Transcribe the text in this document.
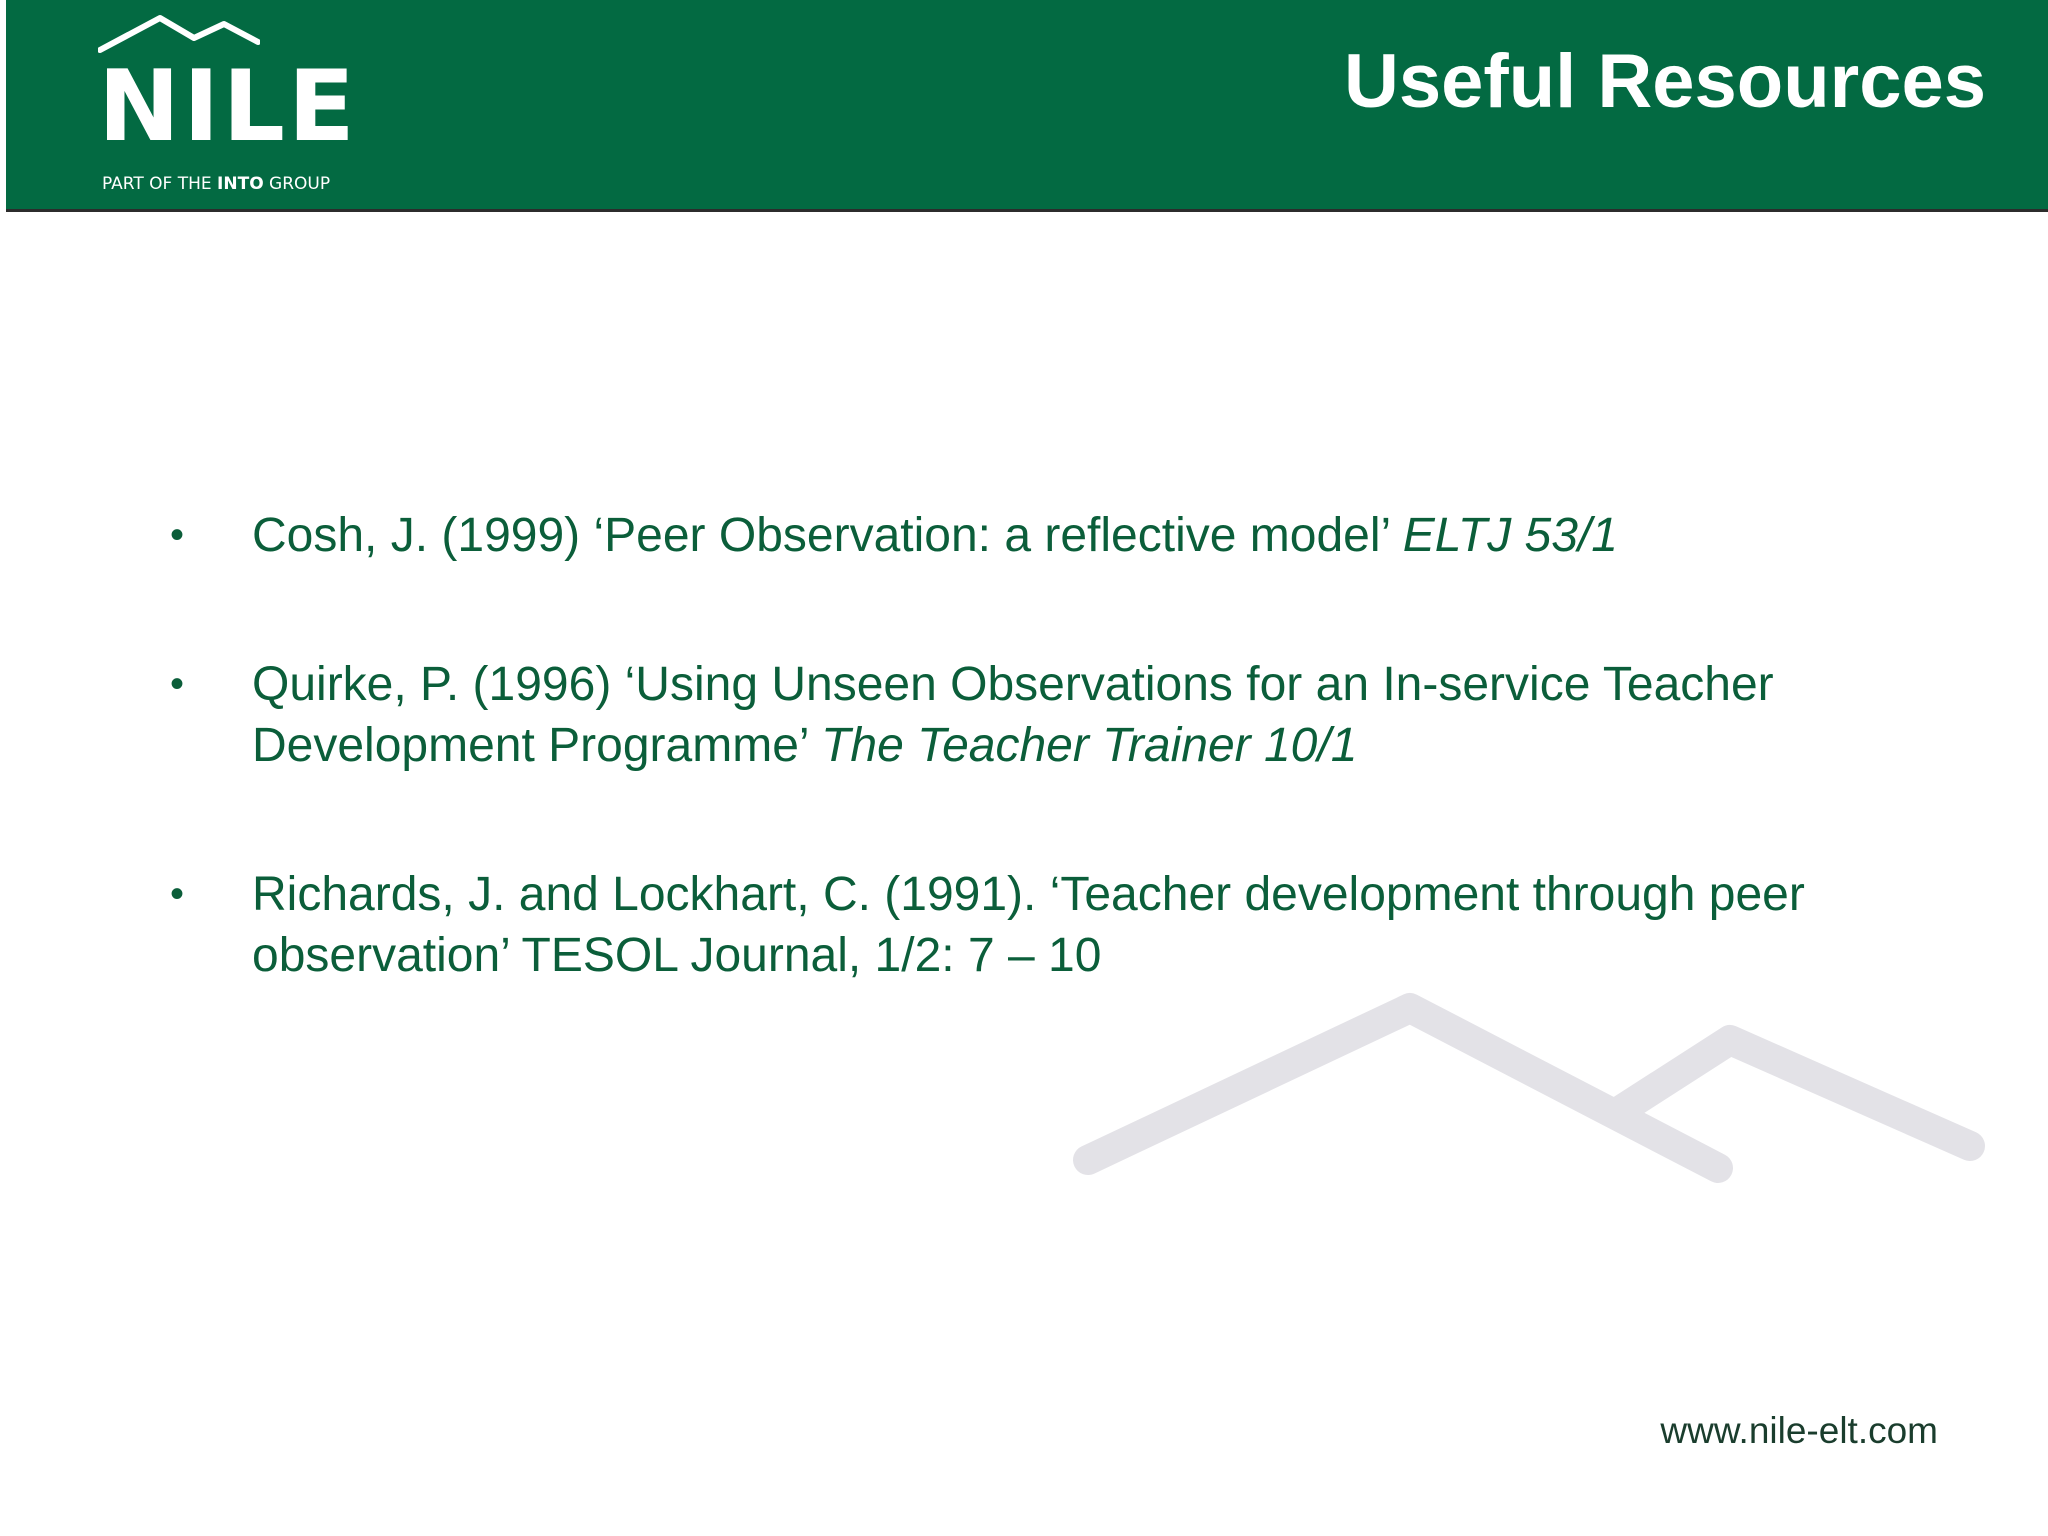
NILE
PART OF THE INTO GROUP
Useful Resources
• Cosh, J. (1999) ‘Peer Observation: a reflective model’ ELTJ 53/1
• Quirke, P. (1996) ‘Using Unseen Observations for an In-service Teacher Development Programme’ The Teacher Trainer 10/1
• Richards, J. and Lockhart, C. (1991). ‘Teacher development through peer observation’ TESOL Journal, 1/2: 7 – 10
www.nile-elt.com
